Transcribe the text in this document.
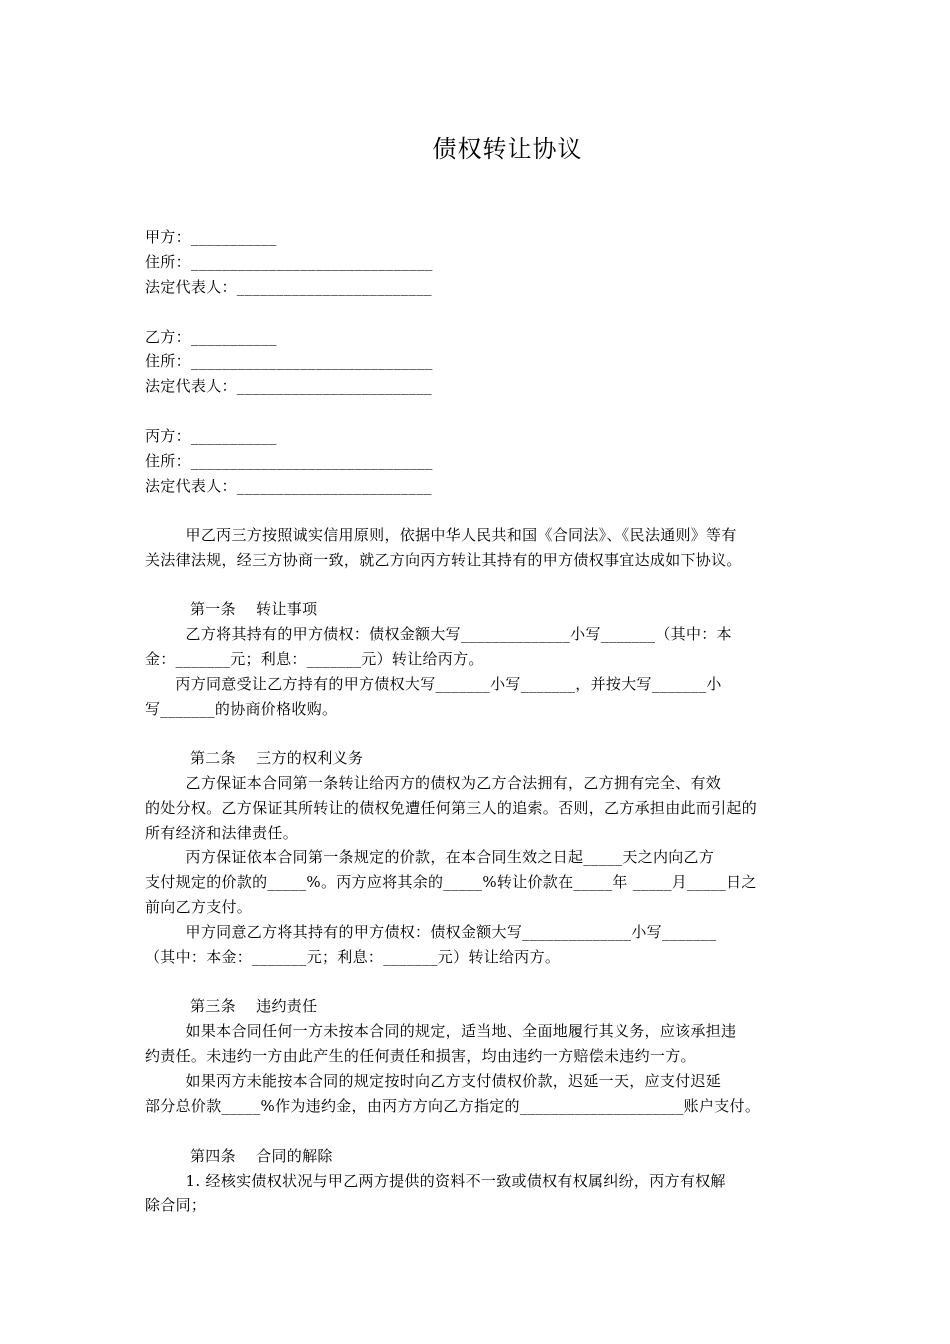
债权转让协议
甲方：___________
住所：_______________________________
法定代表人：_________________________
乙方：___________
住所：_______________________________
法定代表人：_________________________
丙方：___________
住所：_______________________________
法定代表人：_________________________
甲乙丙三方按照诚实信用原则，依据中华人民共和国《合同法》、《民法通则》等有
关法律法规，经三方协商一致，就乙方向丙方转让其持有的甲方债权事宜达成如下协议。
第一条    转让事项
乙方将其持有的甲方债权：债权金额大写______________小写_______（其中：本
金：_______元；利息：_______元）转让给丙方。
丙方同意受让乙方持有的甲方债权大写_______小写_______，并按大写_______小
写_______的协商价格收购。
第二条    三方的权利义务
乙方保证本合同第一条转让给丙方的债权为乙方合法拥有，乙方拥有完全、有效
的处分权。乙方保证其所转让的债权免遭任何第三人的追索。否则，乙方承担由此而引起的
所有经济和法律责任。
丙方保证依本合同第一条规定的价款，在本合同生效之日起_____天之内向乙方
支付规定的价款的_____%。丙方应将其余的_____%转让价款在_____年 _____月_____日之
前向乙方支付。
甲方同意乙方将其持有的甲方债权：债权金额大写______________小写_______
（其中：本金：_______元；利息：_______元）转让给丙方。
第三条    违约责任
如果本合同任何一方未按本合同的规定，适当地、全面地履行其义务，应该承担违
约责任。未违约一方由此产生的任何责任和损害，均由违约一方赔偿未违约一方。
如果丙方未能按本合同的规定按时向乙方支付债权价款，迟延一天，应支付迟延
部分总价款_____%作为违约金，由丙方方向乙方指定的_____________________账户支付。
第四条    合同的解除
1. 经核实债权状况与甲乙两方提供的资料不一致或债权有权属纠纷，丙方有权解
除合同；
